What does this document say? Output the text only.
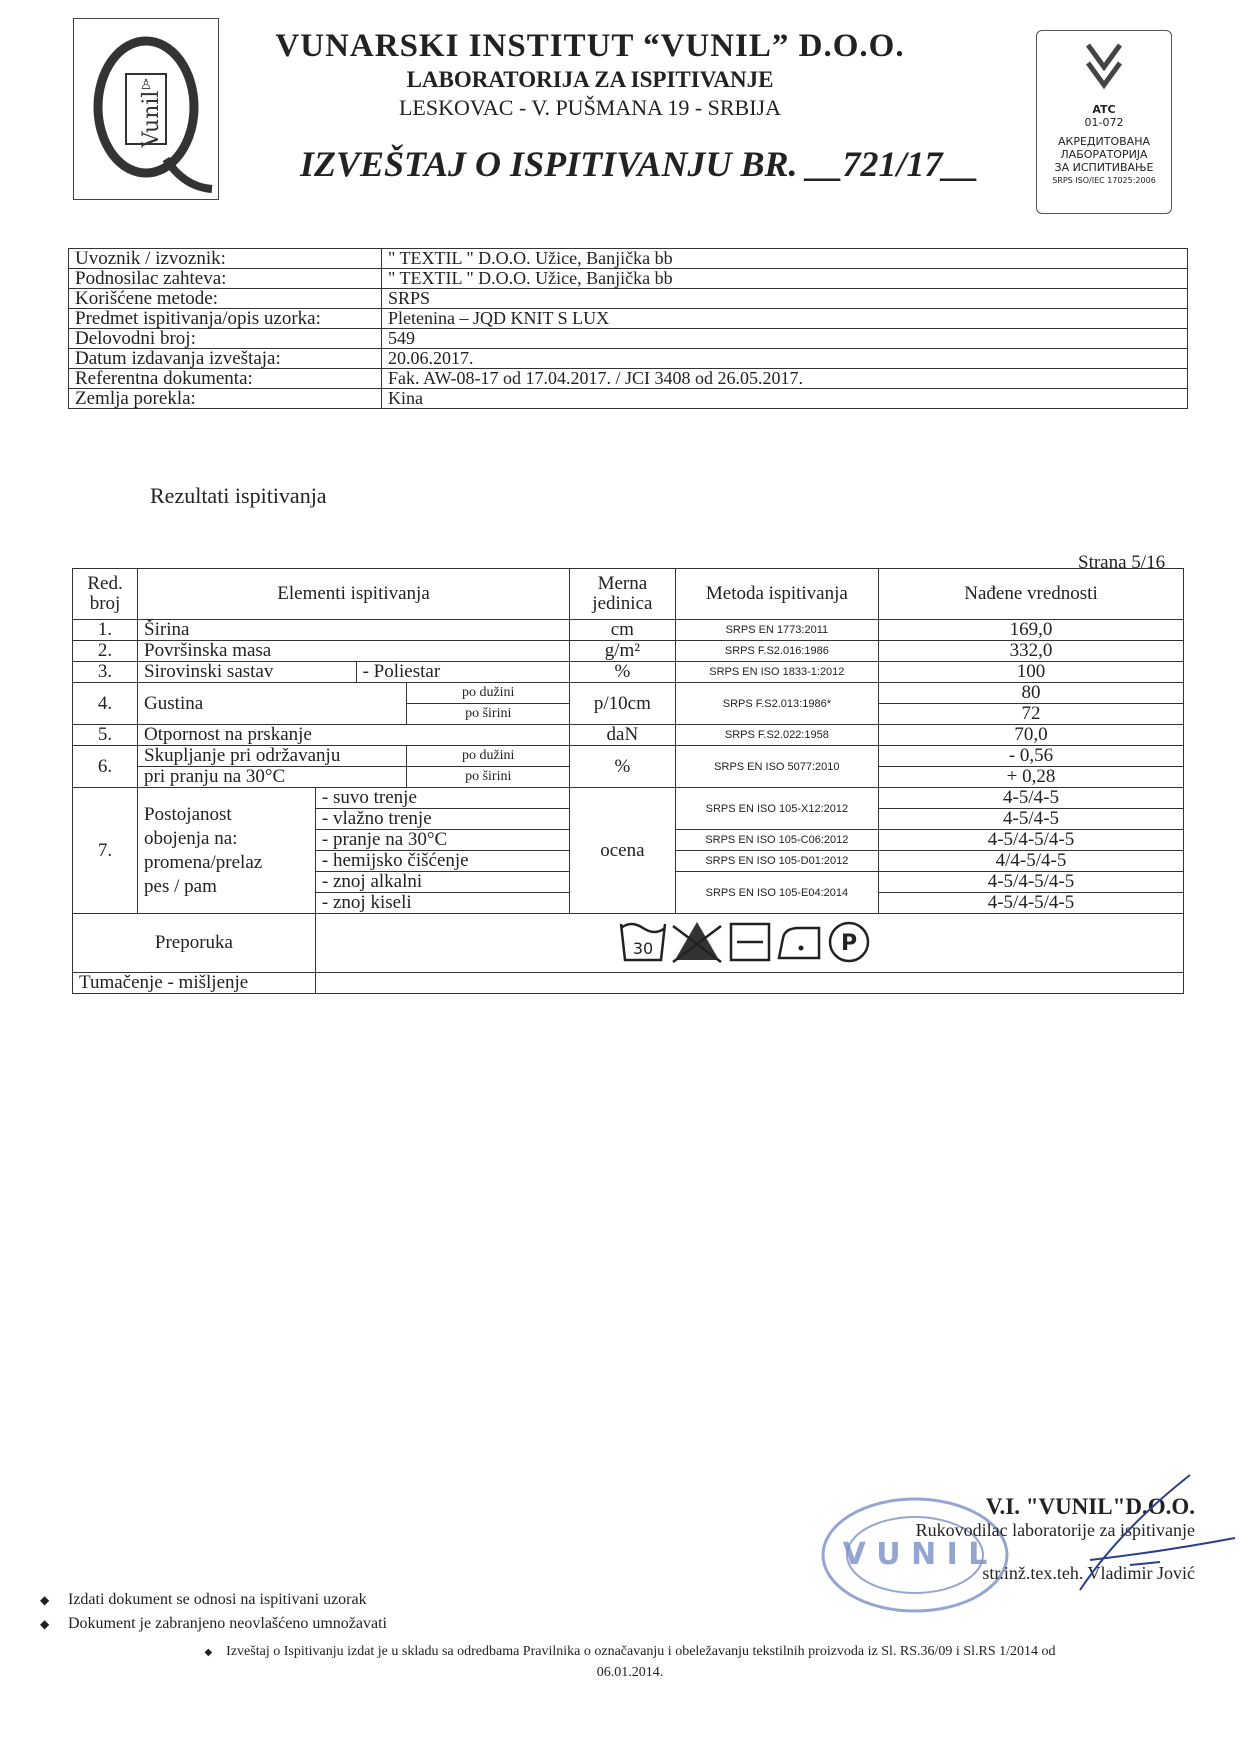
♙
Vunil
VUNARSKI INSTITUT “VUNIL” D.O.O.
LABORATORIJA ZA ISPITIVANJE
LESKOVAC - V. PUŠMANA 19 - SRBIJA
IZVEŠTAJ O ISPITIVANJU BR. __721/17__
ATC
01-072
АКРЕДИТОВАНА
ЛАБОРАТОРИЈА
ЗА ИСПИТИВАЊЕ
SRPS ISO/IEC 17025:2006
Uvoznik / izvoznik:	" TEXTIL " D.O.O. Užice, Banjička bb
Podnosilac zahteva:	" TEXTIL " D.O.O. Užice, Banjička bb
Korišćene metode:	SRPS
Predmet ispitivanja/opis uzorka:	Pletenina – JQD KNIT S LUX
Delovodni broj:	549
Datum izdavanja izveštaja:	20.06.2017.
Referentna dokumenta:	Fak. AW-08-17 od 17.04.2017. / JCI 3408 od 26.05.2017.
Zemlja porekla:	Kina
Rezultati ispitivanja
Strana 5/16
Red. broj	Elementi ispitivanja				Merna jedinica	Metoda ispitivanja	Nađene vrednosti
1.	Širina				cm	SRPS EN 1773:2011	169,0
2.	Površinska masa				g/m²	SRPS F.S2.016:1986	332,0
3.	Sirovinski sastav		- Poliestar		%	SRPS EN ISO 1833-1:2012	100
4.	Gustina			po dužini	p/10cm	SRPS F.S2.013:1986*	80
				po širini			72
5.	Otpornost na prskanje				daN	SRPS F.S2.022:1958	70,0
6.	Skupljanje pri održavanju			po dužini	%	SRPS EN ISO 5077:2010	- 0,56
	pri pranju na 30°C			po širini			+ 0,28
7.	Postojanost
obojenja na:
promena/prelaz
pes / pam	- suvo trenje			ocena	SRPS EN ISO 105-X12:2012	4-5/4-5
		- vlažno trenje					4-5/4-5
		- pranje na 30°C				SRPS EN ISO 105-C06:2012	4-5/4-5/4-5
		- hemijsko čišćenje				SRPS EN ISO 105-D01:2012	4/4-5/4-5
		- znoj alkalni				SRPS EN ISO 105-E04:2014	4-5/4-5/4-5
		- znoj kiseli					4-5/4-5/4-5
Preporuka		30 P					

Tumačenje - mišljenje							
V U N I L
V.I. "VUNIL"D.O.O.
Rukovodilac laboratorije za ispitivanje
str.inž.tex.teh. Vladimir Jović
◆ Izdati dokument se odnosi na ispitivani uzorak
◆ Dokument je zabranjeno neovlašćeno umnožavati
◆ Izveštaj o Ispitivanju izdat je u skladu sa odredbama Pravilnika o označavanju i obeležavanju tekstilnih proizvoda iz Sl. RS.36/09 i Sl.RS 1/2014 od 06.01.2014.
